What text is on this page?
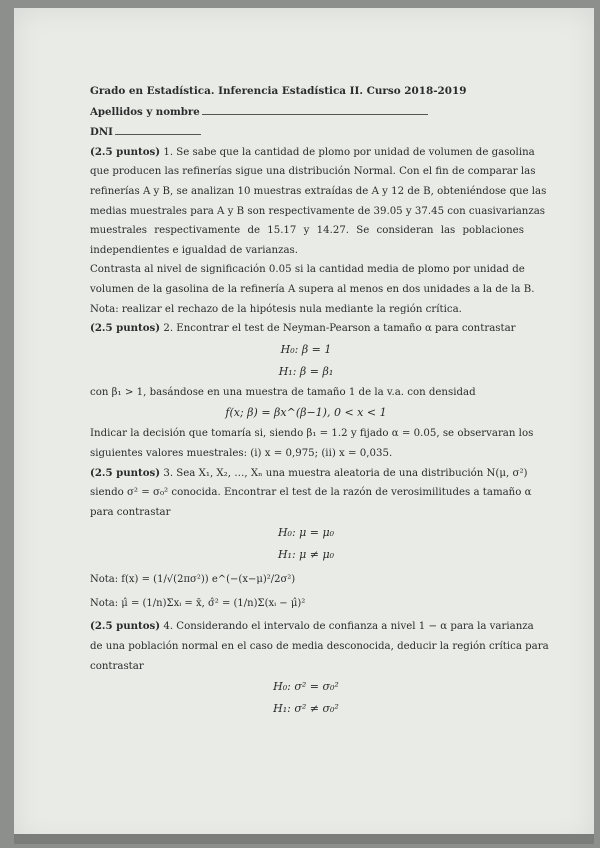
Grado en Estadística. Inferencia Estadística II. Curso 2018-2019
Apellidos y nombre
DNI
(2.5 puntos) 1. Se sabe que la cantidad de plomo por unidad de volumen de gasolina
que producen las refinerías sigue una distribución Normal. Con el fin de comparar las
refinerías A y B, se analizan 10 muestras extraídas de A y 12 de B, obteniéndose que las
medias muestrales para A y B son respectivamente de 39.05 y 37.45 con cuasivarianzas
muestrales respectivamente de 15.17 y 14.27. Se consideran las poblaciones
independientes e igualdad de varianzas.
Contrasta al nivel de significación 0.05 si la cantidad media de plomo por unidad de
volumen de la gasolina de la refinería A supera al menos en dos unidades a la de la B.
Nota: realizar el rechazo de la hipótesis nula mediante la región crítica.
(2.5 puntos) 2. Encontrar el test de Neyman-Pearson a tamaño α para contrastar
H₀: β = 1
H₁: β = β₁
con β₁ > 1, basándose en una muestra de tamaño 1 de la v.a. con densidad
f(x; β) = βx^(β−1), 0 < x < 1
Indicar la decisión que tomaría si, siendo β₁ = 1.2 y fijado α = 0.05, se observaran los
siguientes valores muestrales: (i) x = 0,975; (ii) x = 0,035.
(2.5 puntos) 3. Sea X₁, X₂, …, Xₙ una muestra aleatoria de una distribución N(μ, σ²)
siendo σ² = σ₀² conocida. Encontrar el test de la razón de verosimilitudes a tamaño α
para contrastar
H₀: μ = μ₀
H₁: μ ≠ μ₀
Nota: f(x) = (1/√(2πσ²)) e^(−(x−μ)²/2σ²)
Nota: μ̂ = (1/n)Σxᵢ = x̄, σ̂² = (1/n)Σ(xᵢ − μ̂)²
(2.5 puntos) 4. Considerando el intervalo de confianza a nivel 1 − α para la varianza
de una población normal en el caso de media desconocida, deducir la región crítica para
contrastar
H₀: σ² = σ₀²
H₁: σ² ≠ σ₀²
